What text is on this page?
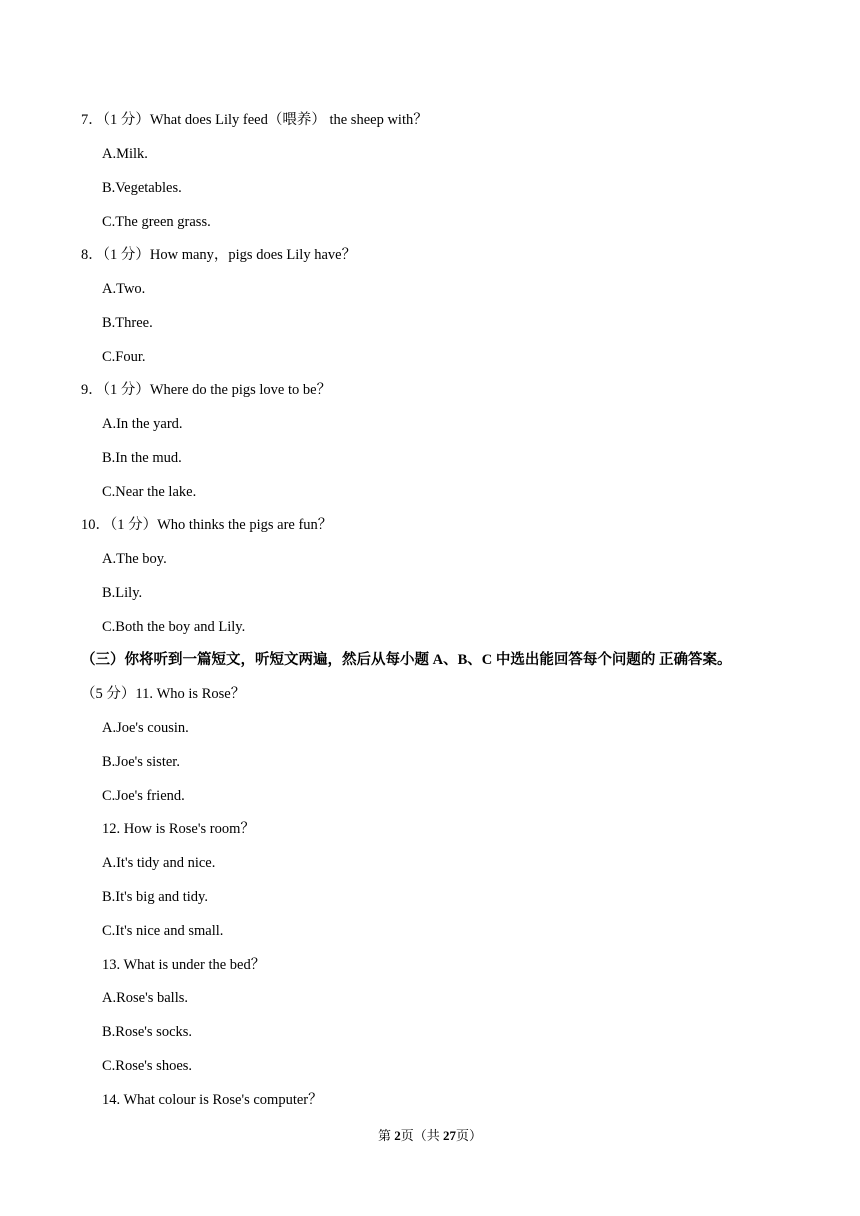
7．（1 分）What does Lily feed（喂养） the sheep with？
A.Milk.
B.Vegetables.
C.The green grass.
8．（1 分）How many，pigs does Lily have？
A.Two.
B.Three.
C.Four.
9．（1 分）Where do the pigs love to be？
A.In the yard.
B.In the mud.
C.Near the lake.
10．（1 分）Who thinks the pigs are fun？
A.The boy.
B.Lily.
C.Both the boy and Lily.
（三）你将听到一篇短文，听短文两遍，然后从每小题 A、B、C 中选出能回答每个问题的 正确答案。
（5 分）11. Who is Rose？
A.Joe's cousin.
B.Joe's sister.
C.Joe's friend.
12. How is Rose's room？
A.It's tidy and nice.
B.It's big and tidy.
C.It's nice and small.
13. What is under the bed？
A.Rose's balls.
B.Rose's socks.
C.Rose's shoes.
14. What colour is Rose's computer？
第 2页（共 27页）
